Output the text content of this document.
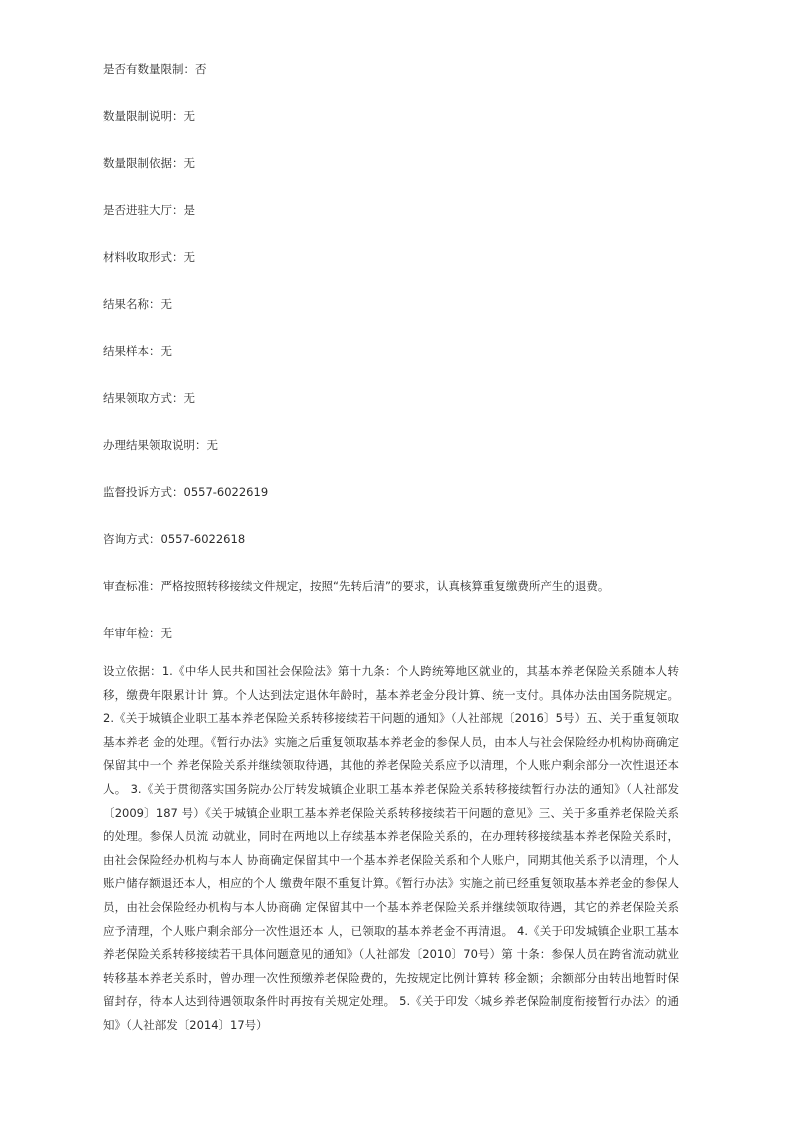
是否有数量限制：否
数量限制说明：无
数量限制依据：无
是否进驻大厅：是
材料收取形式：无
结果名称：无
结果样本：无
结果领取方式：无
办理结果领取说明：无
监督投诉方式：0557-6022619
咨询方式：0557-6022618
审查标准：严格按照转移接续文件规定，按照“先转后清”的要求，认真核算重复缴费所产生的退费。
年审年检：无
设立依据：1.《中华人民共和国社会保险法》第十九条：个人跨统筹地区就业的，其基本养老保险关系随本人转移，缴费年限累计计 算。个人达到法定退休年龄时，基本养老金分段计算、统一支付。具体办法由国务院规定。 2.《关于城镇企业职工基本养老保险关系转移接续若干问题的通知》（人社部规〔2016〕5号）五、关于重复领取基本养老 金的处理。《暂行办法》实施之后重复领取基本养老金的参保人员，由本人与社会保险经办机构协商确定保留其中一个 养老保险关系并继续领取待遇，其他的养老保险关系应予以清理，个人账户剩余部分一次性退还本人。 3.《关于贯彻落实国务院办公厅转发城镇企业职工基本养老保险关系转移接续暂行办法的通知》（人社部发〔2009〕187 号）《关于城镇企业职工基本养老保险关系转移接续若干问题的意见》三、关于多重养老保险关系的处理。参保人员流 动就业，同时在两地以上存续基本养老保险关系的，在办理转移接续基本养老保险关系时，由社会保险经办机构与本人 协商确定保留其中一个基本养老保险关系和个人账户，同期其他关系予以清理，个人账户储存额退还本人，相应的个人 缴费年限不重复计算。《暂行办法》实施之前已经重复领取基本养老金的参保人员，由社会保险经办机构与本人协商确 定保留其中一个基本养老保险关系并继续领取待遇，其它的养老保险关系应予清理，个人账户剩余部分一次性退还本 人，已领取的基本养老金不再清退。 4.《关于印发城镇企业职工基本养老保险关系转移接续若干具体问题意见的通知》（人社部发〔2010〕70号）第 十条：参保人员在跨省流动就业转移基本养老关系时，曾办理一次性预缴养老保险费的，先按规定比例计算转 移金额；余额部分由转出地暂时保留封存，待本人达到待遇领取条件时再按有关规定处理。 5.《关于印发〈城乡养老保险制度衔接暂行办法〉的通知》（人社部发〔2014〕17号）
